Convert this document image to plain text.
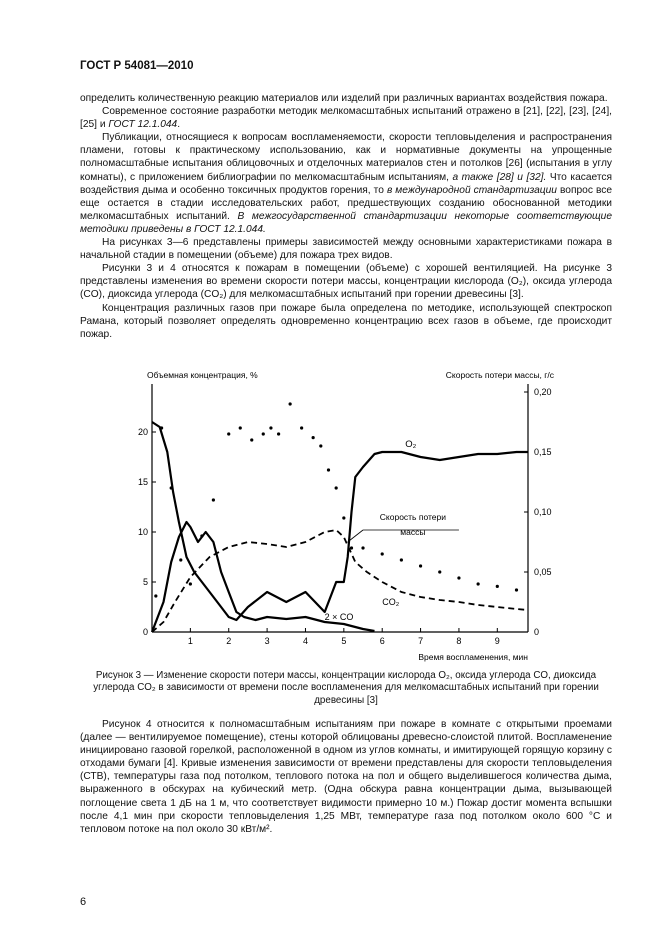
ГОСТ Р 54081—2010

определить количественную реакцию материалов или изделий при различных вариантах воздействия пожара.

Современное состояние разработки методик мелкомасштабных испытаний отражено в [21], [22], [23], [24], [25] и ГОСТ 12.1.044.

Публикации, относящиеся к вопросам воспламеняемости, скорости тепловыделения и распространения пламени, готовы к практическому использованию, как и нормативные документы на упрощенные полномасштабные испытания облицовочных и отделочных материалов стен и потолков [26] (испытания в углу комнаты), с приложением библиографии по мелкомасштабным испытаниям, а также [28] и [32]. Что касается воздействия дыма и особенно токсичных продуктов горения, то в международной стандартизации вопрос все еще остается в стадии исследовательских работ, предшествующих созданию обоснованной методики мелкомасштабных испытаний. В межгосударственной стандартизации некоторые соответствующие методики приведены в ГОСТ 12.1.044.

На рисунках 3—6 представлены примеры зависимостей между основными характеристиками пожара в начальной стадии в помещении (объеме) для пожара трех видов.

Рисунки 3 и 4 относятся к пожарам в помещении (объеме) с хорошей вентиляцией. На рисунке 3 представлены изменения во времени скорости потери массы, концентрации кислорода (O₂), оксида углерода (CO), диоксида углерода (CO₂) для мелкомасштабных испытаний при горении древесины [3].

Концентрация различных газов при пожаре была определена по методике, использующей спектроскоп Рамана, который позволяет определять одновременно концентрацию всех газов в объеме, где происходит пожар.

1	2	3	4	5	6	7	8	9
0
5
10
15
20
0
0,05
0,10
0,15
0,20
Объемная концентрация, %	Скорость потери массы, г/с
Время воспламенения, мин
O₂
CO₂
2 × CO
Скорость потери
массы
Рисунок 3 — Изменение скорости потери массы, концентрации кислорода O₂, оксида углерода CO, диоксида углерода CO₂ в зависимости от времени после воспламенения для мелкомасштабных испытаний при горении древесины [3]

Рисунок 4 относится к полномасштабным испытаниям при пожаре в комнате с открытыми проемами (далее — вентилируемое помещение), стены которой облицованы древесно-слоистой плитой. Воспламенение инициировано газовой горелкой, расположенной в одном из углов комнаты, и имитирующей горящую корзину с отходами бумаги [4]. Кривые изменения зависимости от времени представлены для скорости тепловыделения (СТВ), температуры газа под потолком, теплового потока на пол и общего выделившегося количества дыма, выраженного в обскурах на кубический метр. (Одна обскура равна концентрации дыма, вызывающей поглощение света 1 дБ на 1 м, что соответствует видимости примерно 10 м.) Пожар достиг момента вспышки после 4,1 мин при скорости тепловыделения 1,25 МВт, температуре газа под потолком около 600 °С и тепловом потоке на пол около 30 кВт/м².

6
